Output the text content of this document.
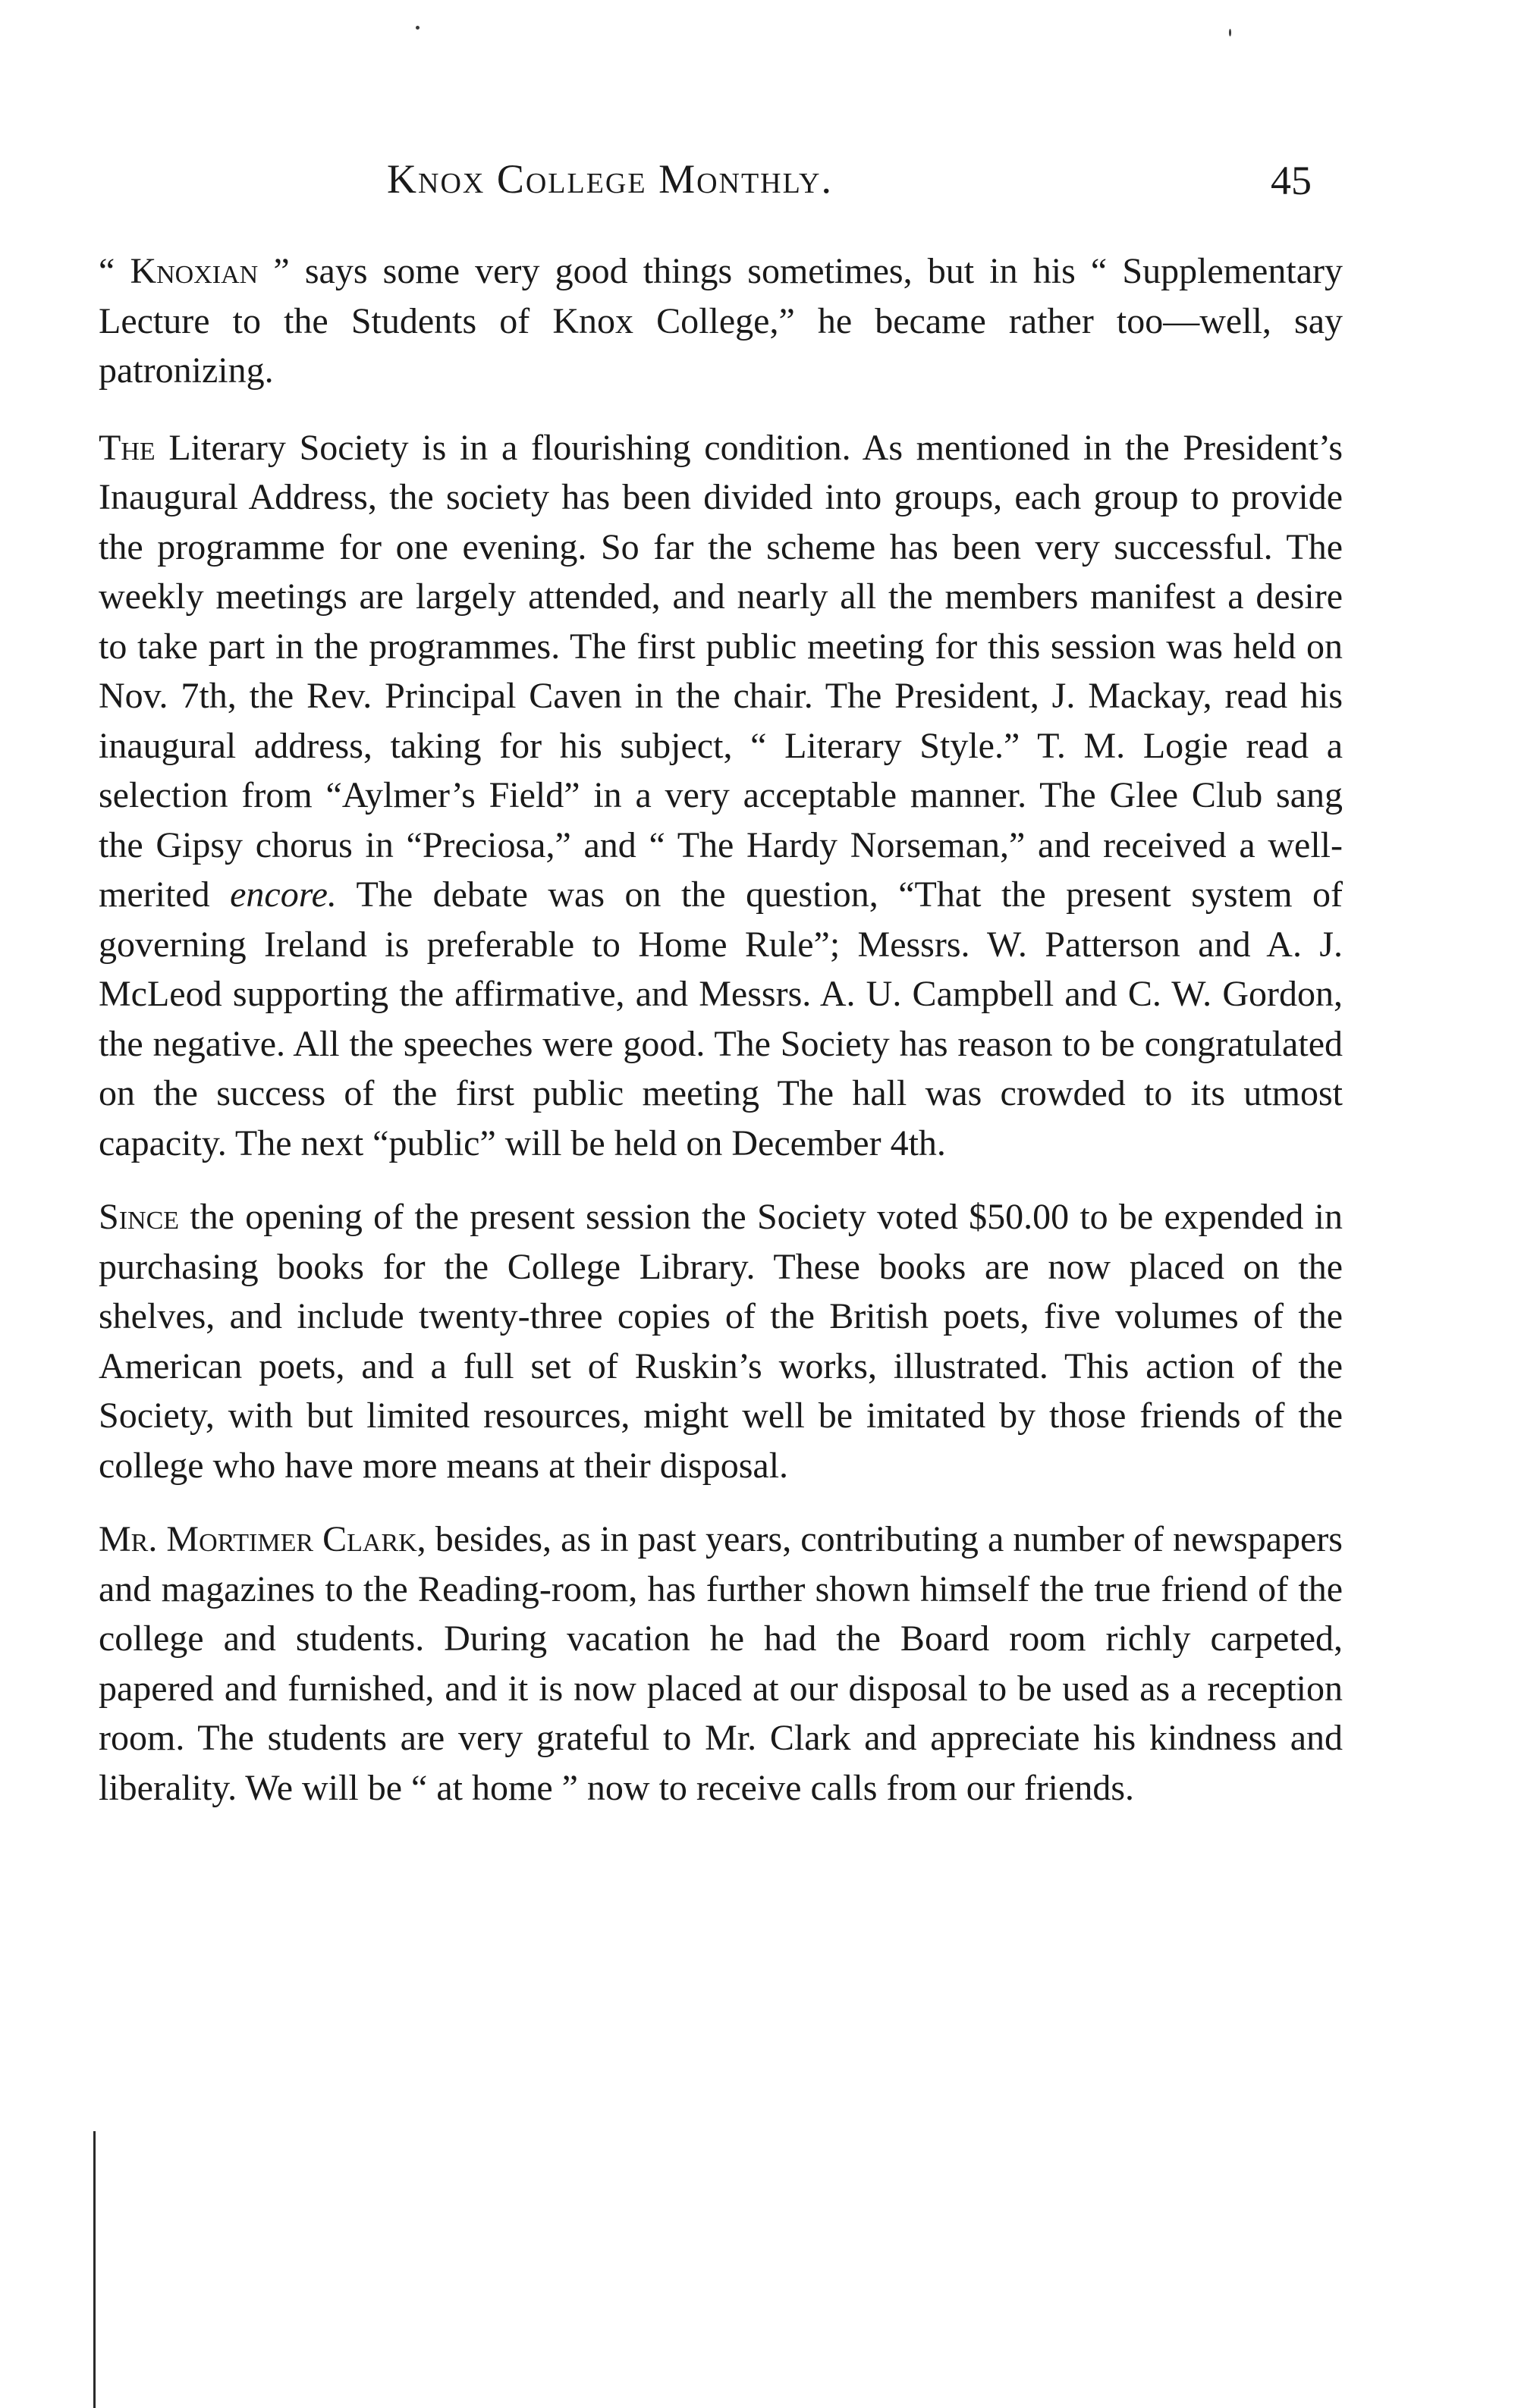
Knox College Monthly.	45

“ Knoxian ” says some very good things sometimes, but in his “ Supplementary Lecture to the Students of Knox College,” he became rather too—well, say patronizing.

The Literary Society is in a flourishing condition. As mentioned in the President’s Inaugural Address, the society has been divided into groups, each group to provide the programme for one evening. So far the scheme has been very successful. The weekly meetings are largely attended, and nearly all the members manifest a desire to take part in the programmes. The first public meeting for this session was held on Nov. 7th, the Rev. Principal Caven in the chair. The President, J. Mackay, read his inaugural address, taking for his subject, “ Literary Style.” T. M. Logie read a selection from “Aylmer’s Field” in a very acceptable manner. The Glee Club sang the Gipsy chorus in “Preciosa,” and “ The Hardy Norseman,” and received a well-merited encore. The debate was on the question, “That the present system of governing Ireland is preferable to Home Rule”; Messrs. W. Patterson and A. J. McLeod supporting the affirmative, and Messrs. A. U. Campbell and C. W. Gordon, the negative. All the speeches were good. The Society has reason to be congratulated on the success of the first public meeting The hall was crowded to its utmost capacity. The next “public” will be held on December 4th.

Since the opening of the present session the Society voted $50.00 to be expended in purchasing books for the College Library. These books are now placed on the shelves, and include twenty-three copies of the British poets, five volumes of the American poets, and a full set of Ruskin’s works, illustrated. This action of the Society, with but limited resources, might well be imitated by those friends of the college who have more means at their disposal.

Mr. Mortimer Clark, besides, as in past years, contributing a number of newspapers and magazines to the Reading-room, has further shown himself the true friend of the college and students. During vacation he had the Board room richly carpeted, papered and furnished, and it is now placed at our disposal to be used as a reception room. The students are very grateful to Mr. Clark and appreciate his kindness and liberality. We will be “ at home ” now to receive calls from our friends.
